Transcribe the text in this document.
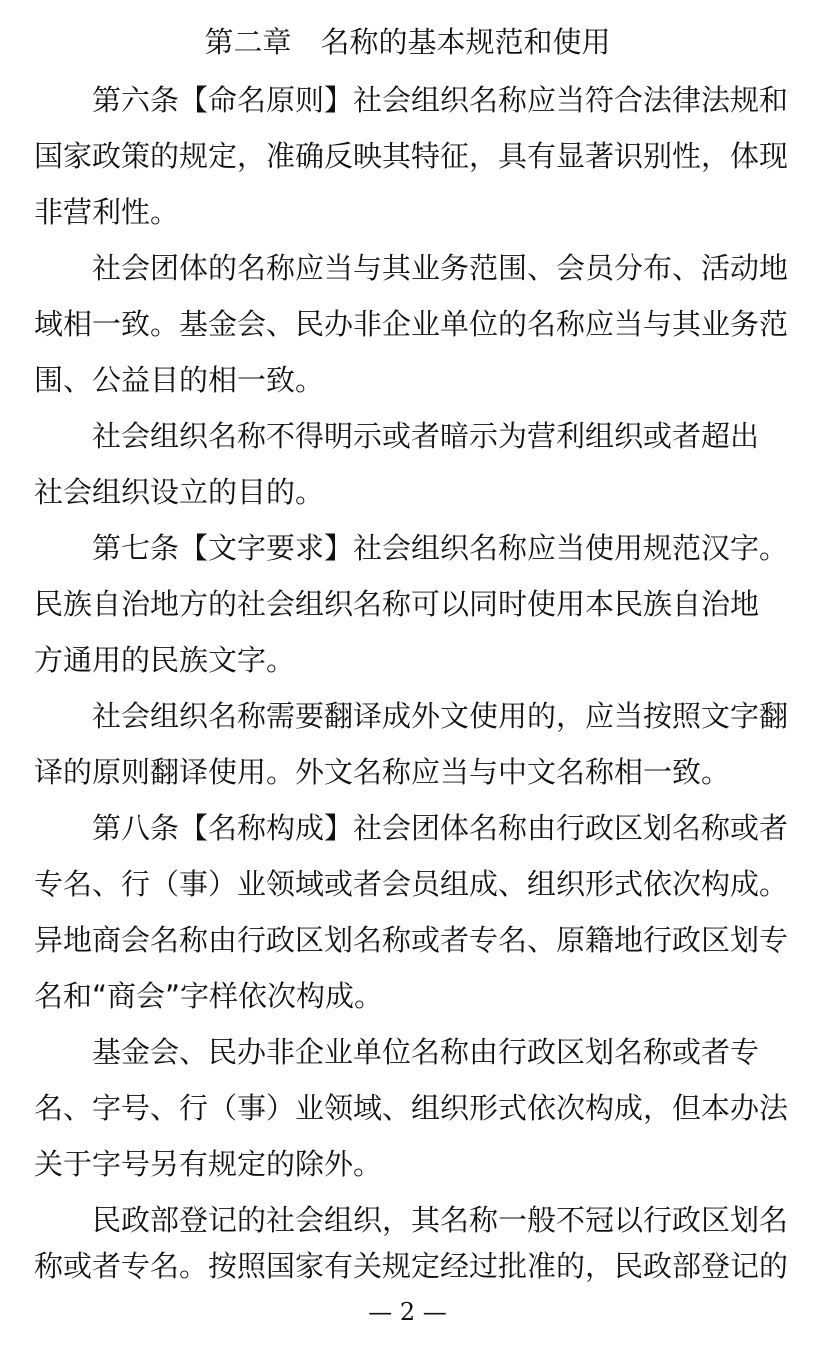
第二章　名称的基本规范和使用
第六条【命名原则】社会组织名称应当符合法律法规和
国家政策的规定，准确反映其特征，具有显著识别性，体现
非营利性。
社会团体的名称应当与其业务范围、会员分布、活动地
域相一致。基金会、民办非企业单位的名称应当与其业务范
围、公益目的相一致。
社会组织名称不得明示或者暗示为营利组织或者超出
社会组织设立的目的。
第七条【文字要求】社会组织名称应当使用规范汉字。
民族自治地方的社会组织名称可以同时使用本民族自治地
方通用的民族文字。
社会组织名称需要翻译成外文使用的，应当按照文字翻
译的原则翻译使用。外文名称应当与中文名称相一致。
第八条【名称构成】社会团体名称由行政区划名称或者
专名、行（事）业领域或者会员组成、组织形式依次构成。
异地商会名称由行政区划名称或者专名、原籍地行政区划专
名和“商会”字样依次构成。
基金会、民办非企业单位名称由行政区划名称或者专
名、字号、行（事）业领域、组织形式依次构成，但本办法
关于字号另有规定的除外。
民政部登记的社会组织，其名称一般不冠以行政区划名
称或者专名。按照国家有关规定经过批准的，民政部登记的
— 2 —
